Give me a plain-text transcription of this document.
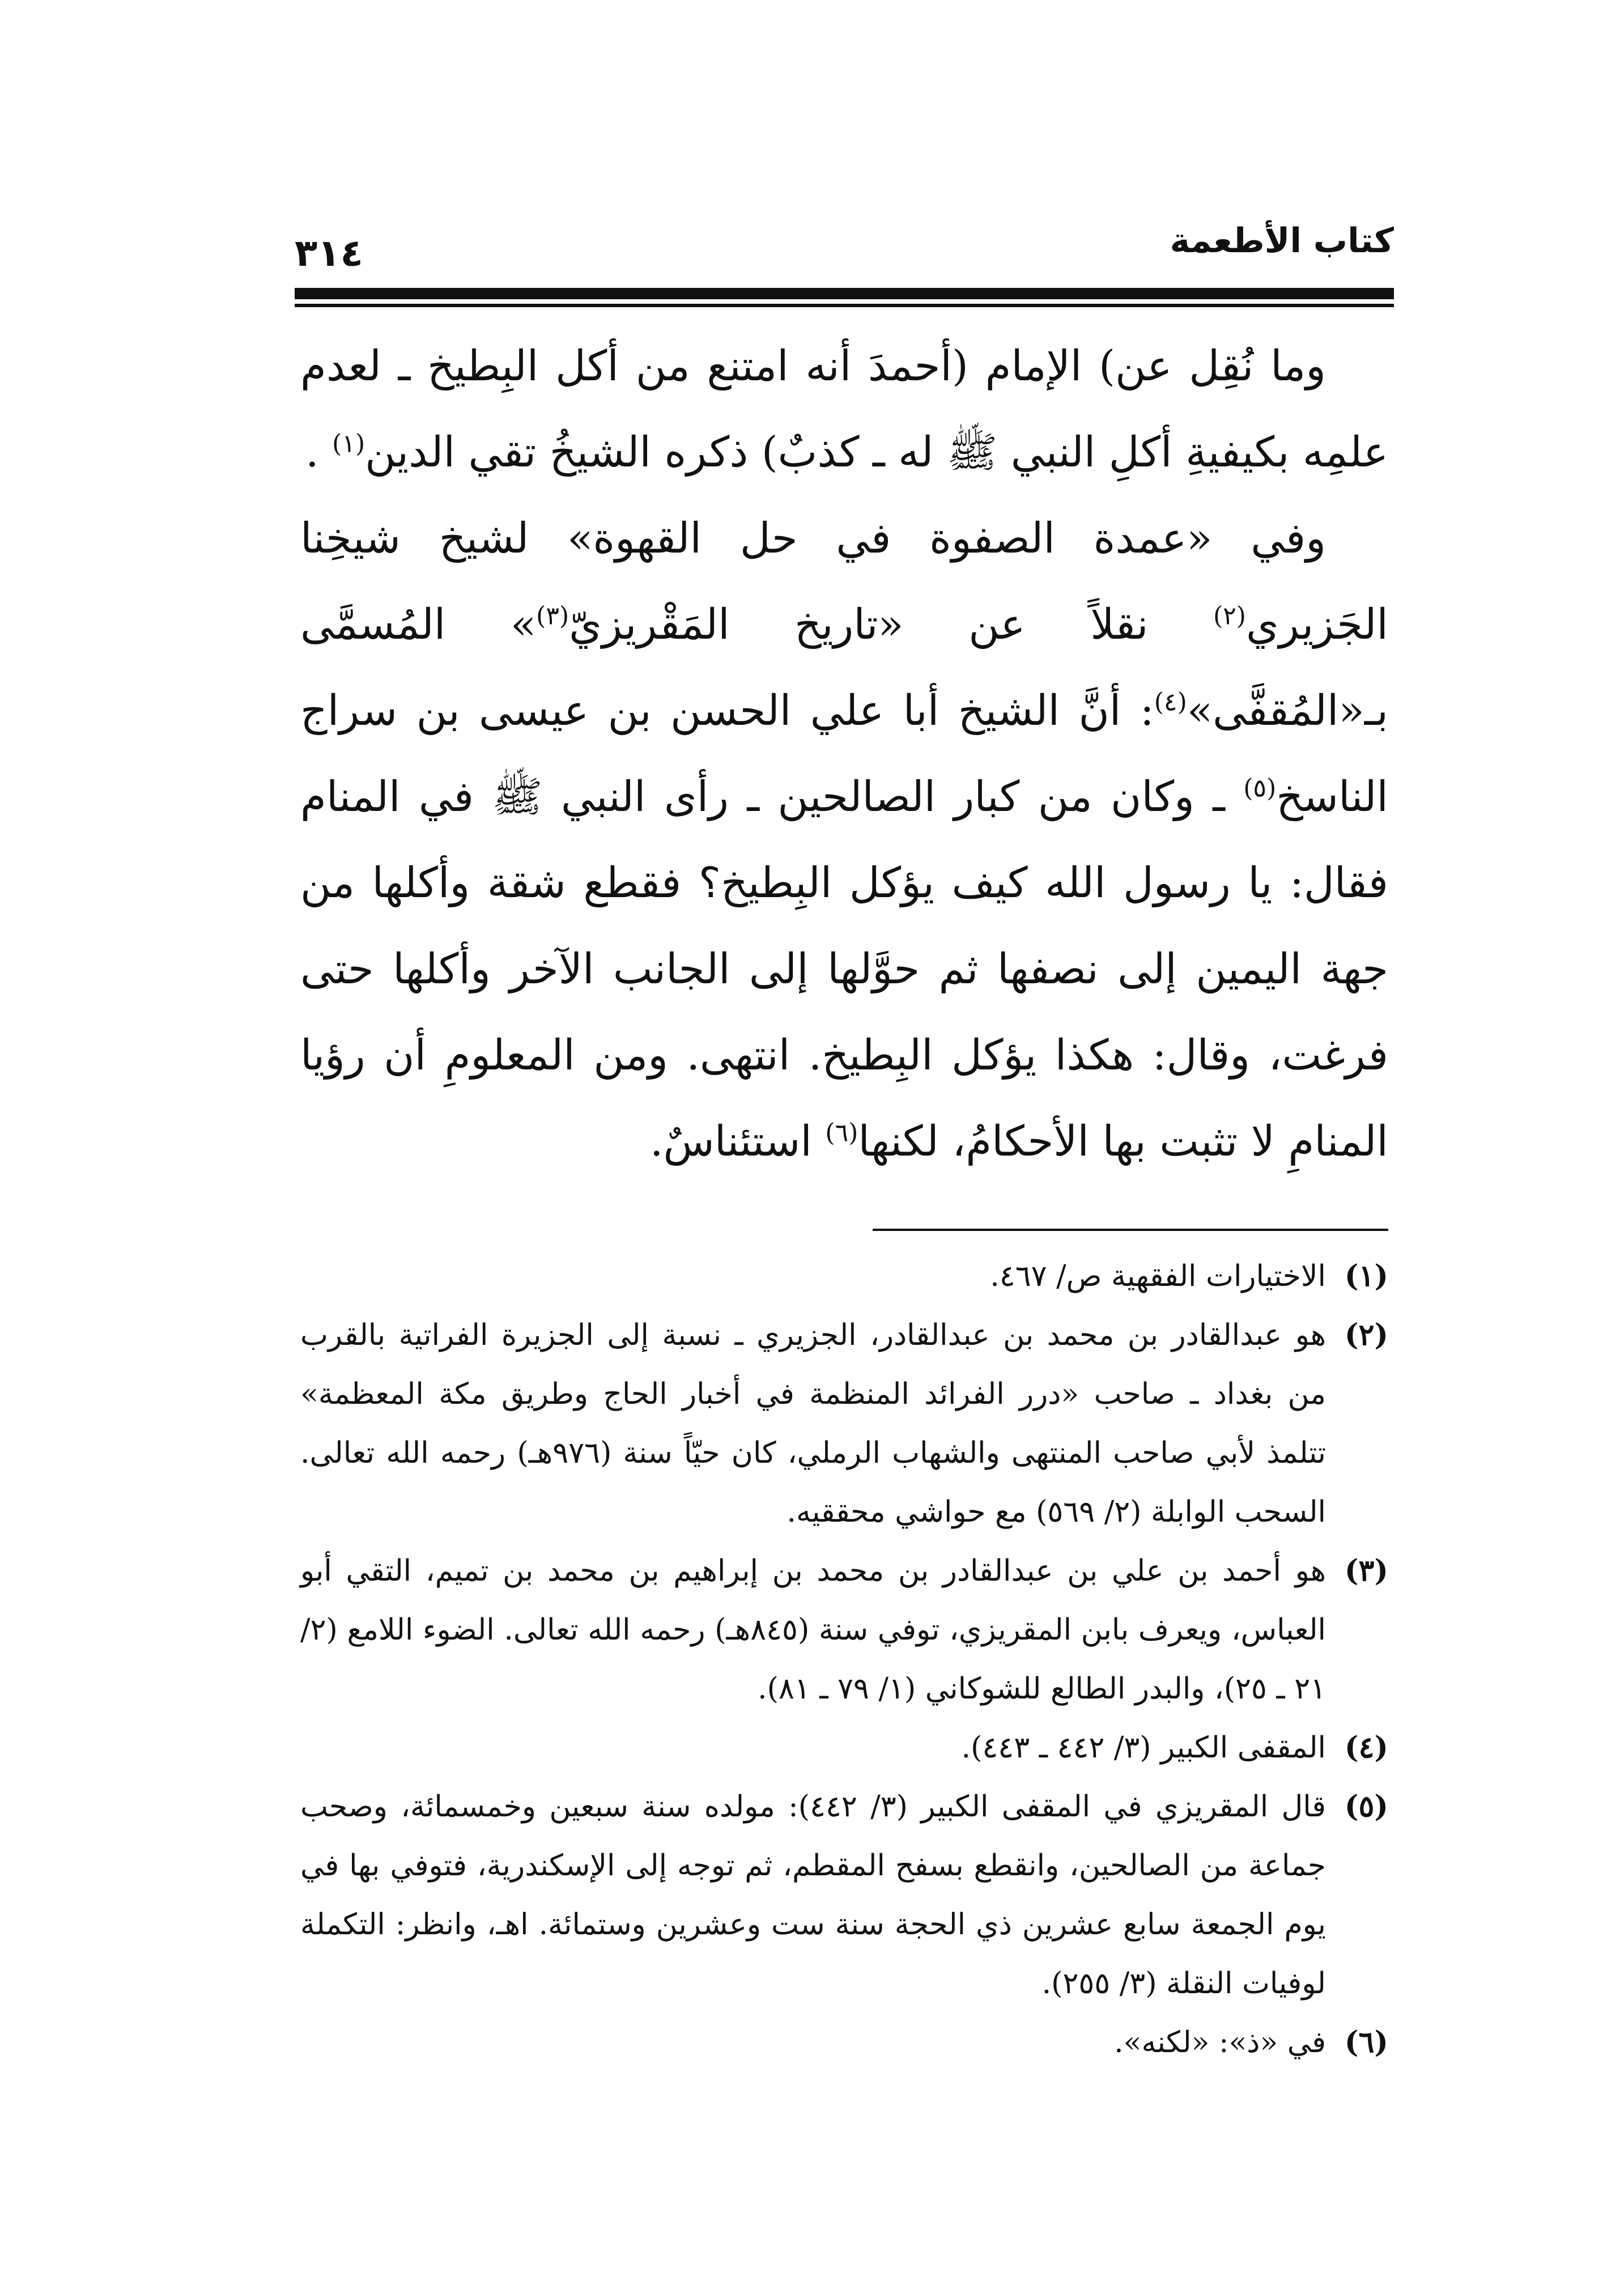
كتاب الأطعمة
٣١٤

وما نُقِل عن) الإمام (أحمدَ أنه امتنع من أكل البِطيخ ـ لعدم علمِه بكيفيةِ أكلِ النبي ﷺ له ـ كذبٌ) ذكره الشيخُ تقي الدين$^{(١)}$ .

وفي «عمدة الصفوة في حل القهوة» لشيخ شيخِنا الجَزيري$^{(٢)}$ نقلاً عن «تاريخ المَقْريزيّ$^{(٣)}$» المُسمَّى بـ«المُقفَّى»$^{(٤)}$: أنَّ الشيخ أبا علي الحسن بن عيسى بن سراج الناسخ$^{(٥)}$ ـ وكان من كبار الصالحين ـ رأى النبي ﷺ في المنام فقال: يا رسول الله كيف يؤكل البِطيخ؟ فقطع شقة وأكلها من جهة اليمين إلى نصفها ثم حوَّلها إلى الجانب الآخر وأكلها حتى فرغت، وقال: هكذا يؤكل البِطيخ. انتهى. ومن المعلومِ أن رؤيا المنامِ لا تثبت بها الأحكامُ، لكنها$^{(٦)}$ استئناسٌ.

(١)
الاختيارات الفقهية ص/ ٤٦٧.
(٢)
هو عبدالقادر بن محمد بن عبدالقادر، الجزيري ـ نسبة إلى الجزيرة الفراتية بالقرب من بغداد ـ صاحب «درر الفرائد المنظمة في أخبار الحاج وطريق مكة المعظمة» تتلمذ لأبي صاحب المنتهى والشهاب الرملي، كان حيّاً سنة (٩٧٦هـ) رحمه الله تعالى. السحب الوابلة (٢/ ٥٦٩) مع حواشي محققيه.
(٣)
هو أحمد بن علي بن عبدالقادر بن محمد بن إبراهيم بن محمد بن تميم، التقي أبو العباس، ويعرف بابن المقريزي، توفي سنة (٨٤٥هـ) رحمه الله تعالى. الضوء اللامع (٢/ ٢١ ـ ٢٥)، والبدر الطالع للشوكاني (١/ ٧٩ ـ ٨١).
(٤)
المقفى الكبير (٣/ ٤٤٢ ـ ٤٤٣).
(٥)
قال المقريزي في المقفى الكبير (٣/ ٤٤٢): مولده سنة سبعين وخمسمائة، وصحب جماعة من الصالحين، وانقطع بسفح المقطم، ثم توجه إلى الإسكندرية، فتوفي بها في يوم الجمعة سابع عشرين ذي الحجة سنة ست وعشرين وستمائة. اهـ، وانظر: التكملة لوفيات النقلة (٣/ ٢٥٥).
(٦)
في «ذ»: «لكنه».
